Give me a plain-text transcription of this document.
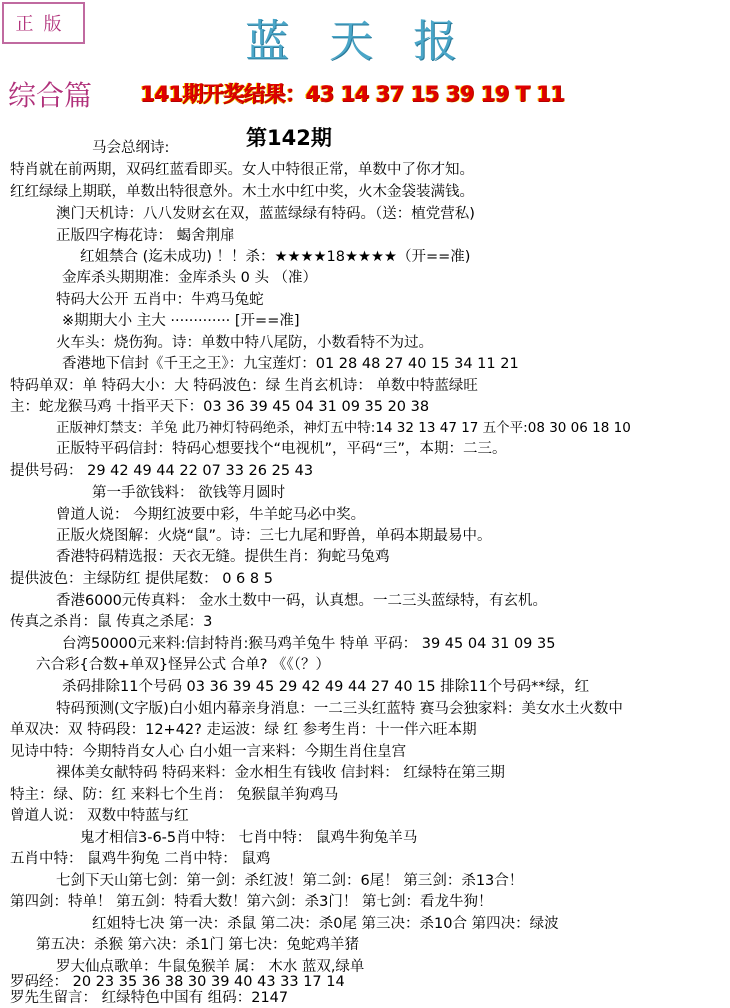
正版	蓝天报
综合篇 141期开奖结果：43 14 37 15 39 19 T 11
第142期
马会总纲诗:
特肖就在前两期，双码红蓝看即买。女人中特很正常，单数中了你才知。
红红绿绿上期联，单数出特很意外。木土水中红中奖，火木金袋装满钱。
澳门天机诗：八八发财玄在双，蓝蓝绿绿有特码。（送：植党营私)
正版四字梅花诗： 蝎舍荆扉
红姐禁合 (迄未成功) ！！杀：★★★★18★★★★（开==准)
金库杀头期期准：金库杀头 0 头 （准）
特码大公开 五肖中：牛鸡马兔蛇
※期期大小 主大 ············· [开==准]
火车头：烧伤狗。诗：单数中特八尾防，小数看特不为过。
香港地下信封《千王之王》：九宝莲灯：01 28 48 27 40 15 34 11 21
特码单双：单 特码大小：大 特码波色：绿 生肖玄机诗： 单数中特蓝绿旺
主：蛇龙猴马鸡 十指平天下：03 36 39 45 04 31 09 35 20 38
正版神灯禁支：羊兔 此乃神灯特码绝杀，神灯五中特:14 32 13 47 17 五个平:08 30 06 18 10
正版特平码信封：特码心想要找个“电视机”，平码“三”，本期：二三。
提供号码： 29 42 49 44 22 07 33 26 25 43
第一手欲钱料： 欲钱等月圆时
曾道人说： 今期红波要中彩，牛羊蛇马必中奖。
正版火烧图解：火烧“鼠”。诗：三七九尾和野兽，单码本期最易中。
香港特码精选报：天衣无缝。提供生肖：狗蛇马兔鸡
提供波色：主绿防红 提供尾数： 0 6 8 5
香港6000元传真料： 金水土数中一码，认真想。一二三头蓝绿特，有玄机。
传真之杀肖：鼠 传真之杀尾：3
台湾50000元来料:信封特肖:猴马鸡羊兔牛 特单 平码： 39 45 04 31 09 35
六合彩{合数+单双}怪异公式 合单? 《《（？）
杀码排除11个号码 03 36 39 45 29 42 49 44 27 40 15 排除11个号码**绿，红
特码预测(文字版)白小姐内幕亲身消息：一二三头红蓝特 赛马会独家料：美女水土火数中
单双决：双 特码段：12+42? 走运波：绿 红 参考生肖：十一伴六旺本期
见诗中特：今期特肖女人心 白小姐一言来料：今期生肖住皇宫
裸体美女献特码 特码来料：金水相生有钱收 信封料： 红绿特在第三期
特主：绿、防：红 来料七个生肖： 兔猴鼠羊狗鸡马
曾道人说： 双数中特蓝与红
鬼才相信3-6-5肖中特： 七肖中特： 鼠鸡牛狗兔羊马
五肖中特： 鼠鸡牛狗兔 二肖中特： 鼠鸡
七剑下天山第七剑：第一剑：杀红波！第二剑：6尾！ 第三剑：杀13合！
第四剑：特单！ 第五剑：特看大数！第六剑：杀3门！ 第七剑：看龙牛狗！
红姐特七决 第一决：杀鼠 第二决：杀0尾 第三决：杀10合 第四决：绿波
第五决：杀猴 第六决：杀1门 第七决：兔蛇鸡羊猪
罗大仙点歌单：牛鼠兔猴羊 属： 木水 蓝双,绿单
罗码经： 20 23 35 36 38 30 39 40 43 33 17 14
罗先生留言： 红绿特色中国有 组码：2147
